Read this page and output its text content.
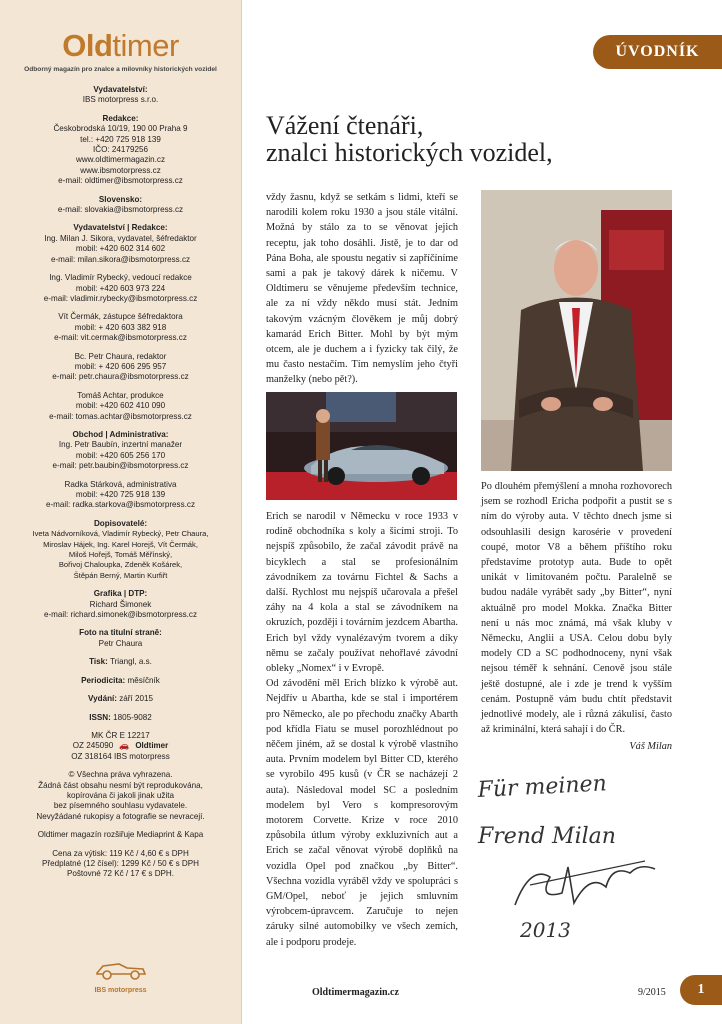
Oldtimer
Odborný magazín pro znalce a milovníky historických vozidel
Vydavatelství:
IBS motorpress s.r.o.
Redakce:
Českobrodská 10/19, 190 00 Praha 9
tel.: +420 725 918 139
IČO: 24179256
www.oldtimermagazin.cz
www.ibsmotorpress.cz
e-mail: oldtimer@ibsmotorpress.cz
Slovensko:
e-mail: slovakia@ibsmotorpress.cz
Vydavatelství | Redakce:
Ing. Milan J. Sikora, vydavatel, šéfredaktor
mobil: +420 602 314 602
e-mail: milan.sikora@ibsmotorpress.cz
Ing. Vladimír Rybecký, vedoucí redakce
mobil: +420 603 973 224
e-mail: vladimir.rybecky@ibsmotorpress.cz
Vít Čermák, zástupce šéfredaktora
mobil: + 420 603 382 918
e-mail: vit.cermak@ibsmotorpress.cz
Bc. Petr Chaura, redaktor
mobil: + 420 606 295 957
e-mail: petr.chaura@ibsmotorpress.cz
Tomáš Achtar, produkce
mobil: +420 602 410 090
e-mail: tomas.achtar@ibsmotorpress.cz
Obchod | Administrativa:
Ing. Petr Baubín, inzertní manažer
mobil: +420 605 256 170
e-mail: petr.baubin@ibsmotorpress.cz
Radka Stárková, administrativa
mobil: +420 725 918 139
e-mail: radka.starkova@ibsmotorpress.cz
Dopisovatelé:
Iveta Nádvorníková, Vladimír Rybecký, Petr Chaura,
Miroslav Hájek, Ing. Karel Horejš, Vít Čermák,
Miloš Hořejš, Tomáš Měřínský,
Bořivoj Chaloupka, Zdeněk Košárek,
Štěpán Berný, Martin Kurfiřt
Grafika | DTP:
Richard Šimonek
e-mail: richard.simonek@ibsmotorpress.cz
Foto na titulní straně:
Petr Chaura
Tisk: Triangl, a.s.
Periodicita: měsíčník
Vydání: září 2015
ISSN: 1805-9082
MK ČR E 12217
OZ 245090 🚗 Oldtimer
OZ 318164 IBS motorpress
© Všechna práva vyhrazena.
Žádná část obsahu nesmí být reprodukována,
kopírována či jakoli jinak užita
bez písemného souhlasu vydavatele.
Nevyžádané rukopisy a fotografie se nevracejí.
Oldtimer magazín rozšiřuje Mediaprint & Kapa
Cena za výtisk: 119 Kč / 4,60 € s DPH
Předplatné (12 čísel): 1299 Kč / 50 € s DPH
Poštovné 72 Kč / 17 € s DPH.
IBS motorpress
ÚVODNÍK
Vážení čtenáři,
znalci historických vozidel,

vždy žasnu, když se setkám s lidmi, kteří se narodili kolem roku 1930 a jsou stále vitální. Možná by stálo za to se věnovat jejich receptu, jak toho dosáhli. Jistě, je to dar od Pána Boha, ale spoustu negativ si zapříčíníme sami a pak je takový dárek k ničemu. V Oldtimeru se věnujeme především technice, ale za ní vždy někdo musí stát. Jedním takovým vzácným člověkem je můj dobrý kamarád Erich Bitter. Mohl by být mým otcem, ale je duchem a i fyzicky tak čilý, že mu často nestačím. Tím nemyslím jeho čtyři manželky (nebo pět?).

Erich se narodil v Německu v roce 1933 v rodině obchodníka s koly a šicími stroji. To nejspíš způsobilo, že začal závodit právě na bicyklech a stal se profesionálním závodníkem za továrnu Fichtel & Sachs a další. Rychlost mu nejspíš učarovala a přešel záhy na 4 kola a stal se závodníkem na okruzích, později i továrním jezdcem Abartha. Erich byl vždy vynalézavým tvorem a díky němu se začaly používat nehořlavé závodní obleky „Nomex“ i v Evropě.

Od závodění měl Erich blízko k výrobě aut. Nejdřív u Abartha, kde se stal i importérem pro Německo, ale po přechodu značky Abarth pod křídla Fiatu se musel porozhlédnout po něčem jiném, až se dostal k výrobě vlastního auta. Prvním modelem byl Bitter CD, kterého se vyrobilo 495 kusů (v ČR se nacházejí 2 auta). Následoval model SC a posledním modelem byl Vero s kompresorovým motorem Corvette. Krize v roce 2010 způsobila útlum výroby exkluzivních aut a Erich se začal věnovat výrobě doplňků na vozidla Opel pod značkou „by Bitter“. Všechna vozidla vyráběl vždy ve spolupráci s GM/Opel, neboť je jejich smluvním výrobcem-úpravcem. Zaručuje to nejen záruky silné automobilky ve všech zemích, ale i podporu prodeje.

Po dlouhém přemýšlení a mnoha rozhovorech jsem se rozhodl Ericha podpořit a pustit se s ním do výroby auta. V těchto dnech jsme si odsouhlasili design karosérie v provedení coupé, motor V8 a během příštího roku představíme prototyp auta. Bude to opět unikát v limitovaném počtu. Paralelně se budou nadále vyrábět sady „by Bitter“, nyní aktuálně pro model Mokka. Značka Bitter není u nás moc známá, má však kluby v Německu, Anglii a USA. Celou dobu byly modely CD a SC podhodnoceny, nyní však nejsou téměř k sehnání. Cenově jsou stále ještě dostupné, ale i zde je trend k vyšším cenám. Postupně vám budu chtít představit jednotlivé modely, ale i různá zákulisí, často až kriminální, která sahají i do ČR.

Váš Milan
Für meinen
Frend Milan
2013
Oldtimermagazin.cz	9/2015	1
